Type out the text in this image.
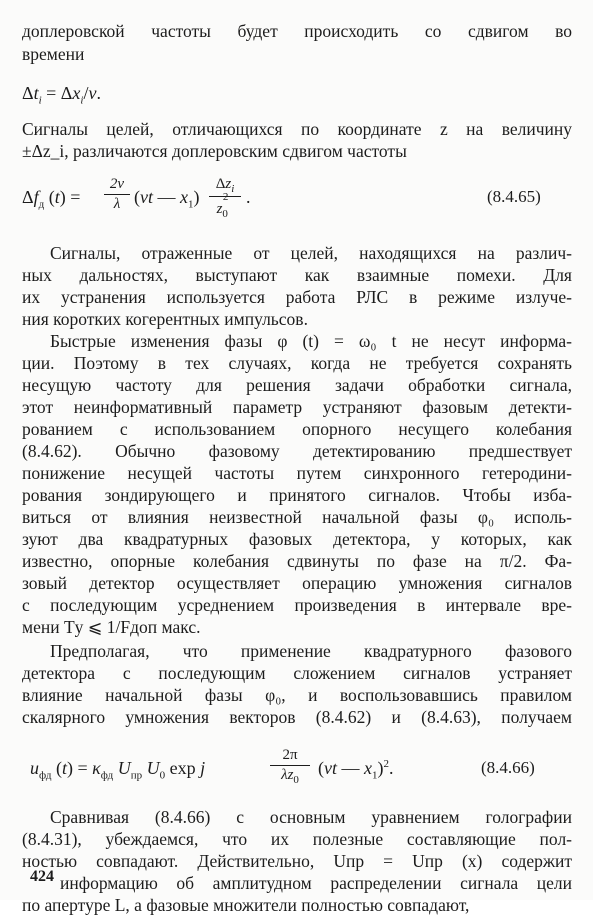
доплеровской частоты будет происходить со сдвигом во
времени
$\Delta t_i = \Delta x_i/v$.
Сигналы целей, отличающихся по координате z на величину
±Δz_i, различаются доплеровским сдвигом частоты
$\Delta f_д$ $(t) = \frac{2v}{\lambda} (vt$ — $x_1$)
$\Delta z_i$
$z_0^2$ .	(8.4.65)
Сигналы, отраженные от целей, находящихся на различ-
ных дальностях, выступают как взаимные помехи. Для
их устранения используется работа РЛС в режиме излуче-
ния коротких когерентных импульсов.
Быстрые изменения фазы φ (t) = ω₀ t не несут информа-
ции. Поэтому в тех случаях, когда не требуется сохранять
несущую частоту для решения задачи обработки сигнала,
этот неинформативный параметр устраняют фазовым детекти-
рованием с использованием опорного несущего колебания
(8.4.62). Обычно фазовому детектированию предшествует
понижение несущей частоты путем синхронного гетеродини-
рования зондирующего и принятого сигналов. Чтобы изба-
виться от влияния неизвестной начальной фазы φ₀ исполь-
зуют два квадратурных фазовых детектора, у которых, как
известно, опорные колебания сдвинуты по фазе на π/2. Фа-
зовый детектор осуществляет операцию умножения сигналов
с последующим усреднением произведения в интервале вре-
мени Tу ⩽ 1/Fдоп макс.
Предполагая, что применение квадратурного фазового
детектора с последующим сложением сигналов устраняет
влияние начальной фазы φ₀, и воспользовавшись правилом
скалярного умножения векторов (8.4.62) и (8.4.63), получаем
$u_{фд}$ $(t) = \kappa_{фд}$ $U_{пр}$ $U_0$ exp j	$\frac{2\pi}{\lambda z_0} (vt$ — $x_1)^2$.	(8.4.66)
Сравнивая (8.4.66) с основным уравнением голографии
(8.4.31), убеждаемся, что их полезные составляющие пол-
ностью совпадают. Действительно, Uпр = Uпр (x) содержит
информацию об амплитудном распределении сигнала цели
по апертуре L, а фазовые множители полностью совпадают,
424
